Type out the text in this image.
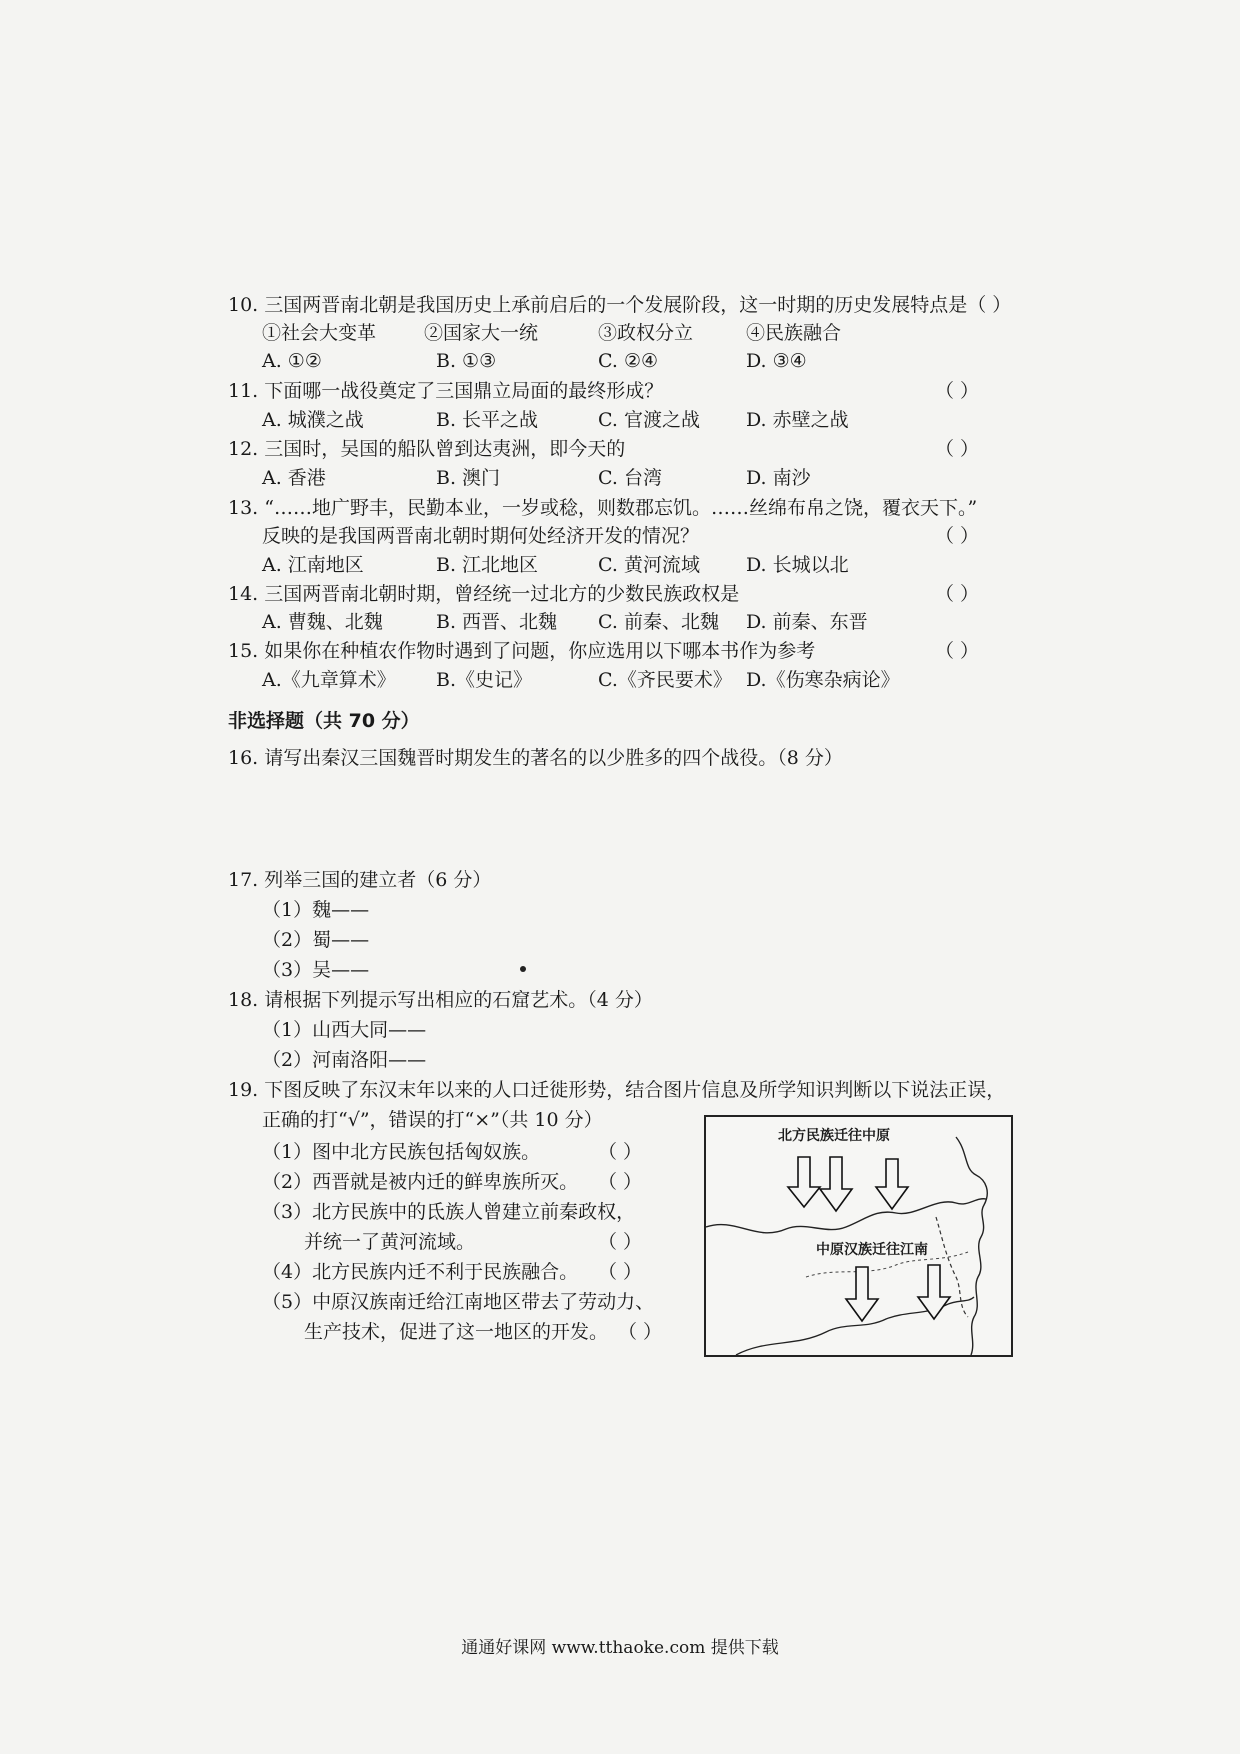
10. 三国两晋南北朝是我国历史上承前启后的一个发展阶段，这一时期的历史发展特点是（ ）
①社会大变革	②国家大一统	③政权分立	④民族融合
A. ①②	B. ①③	C. ②④	D. ③④
11. 下面哪一战役奠定了三国鼎立局面的最终形成？	（ ）
A. 城濮之战	B. 长平之战	C. 官渡之战 D. 赤壁之战
12. 三国时，吴国的船队曾到达夷洲，即今天的	（ ）
A. 香港	B. 澳门	C. 台湾	D. 南沙
13. “……地广野丰，民勤本业，一岁或稔，则数郡忘饥。……丝绵布帛之饶，覆衣天下。”
反映的是我国两晋南北朝时期何处经济开发的情况？	（ ）
A. 江南地区	B. 江北地区	C. 黄河流域 D. 长城以北
14. 三国两晋南北朝时期，曾经统一过北方的少数民族政权是	（ ）
A. 曹魏、北魏	B. 西晋、北魏 C. 前秦、北魏 D. 前秦、东晋
15. 如果你在种植农作物时遇到了问题，你应选用以下哪本书作为参考	（ ）
A.《九章算术》 B.《史记》	C.《齐民要术》 D.《伤寒杂病论》
非选择题（共 70 分）
16. 请写出秦汉三国魏晋时期发生的著名的以少胜多的四个战役。（8 分）
17. 列举三国的建立者（6 分）
（1）魏——
（2）蜀——
（3）吴——
18. 请根据下列提示写出相应的石窟艺术。（4 分）
（1）山西大同——
（2）河南洛阳——
19. 下图反映了东汉末年以来的人口迁徙形势，结合图片信息及所学知识判断以下说法正误，
正确的打“√”，错误的打“×”（共 10 分）
（1）图中北方民族包括匈奴族。	（ ）
（2）西晋就是被内迁的鲜卑族所灭。 （ ）
（3）北方民族中的氐族人曾建立前秦政权，
并统一了黄河流域。	（ ）
（4）北方民族内迁不利于民族融合。 （ ）
（5）中原汉族南迁给江南地区带去了劳动力、
生产技术，促进了这一地区的开发。 （ ）
北方民族迁往中原
中原汉族迁往江南
通通好课网 www.tthaoke.com 提供下载
